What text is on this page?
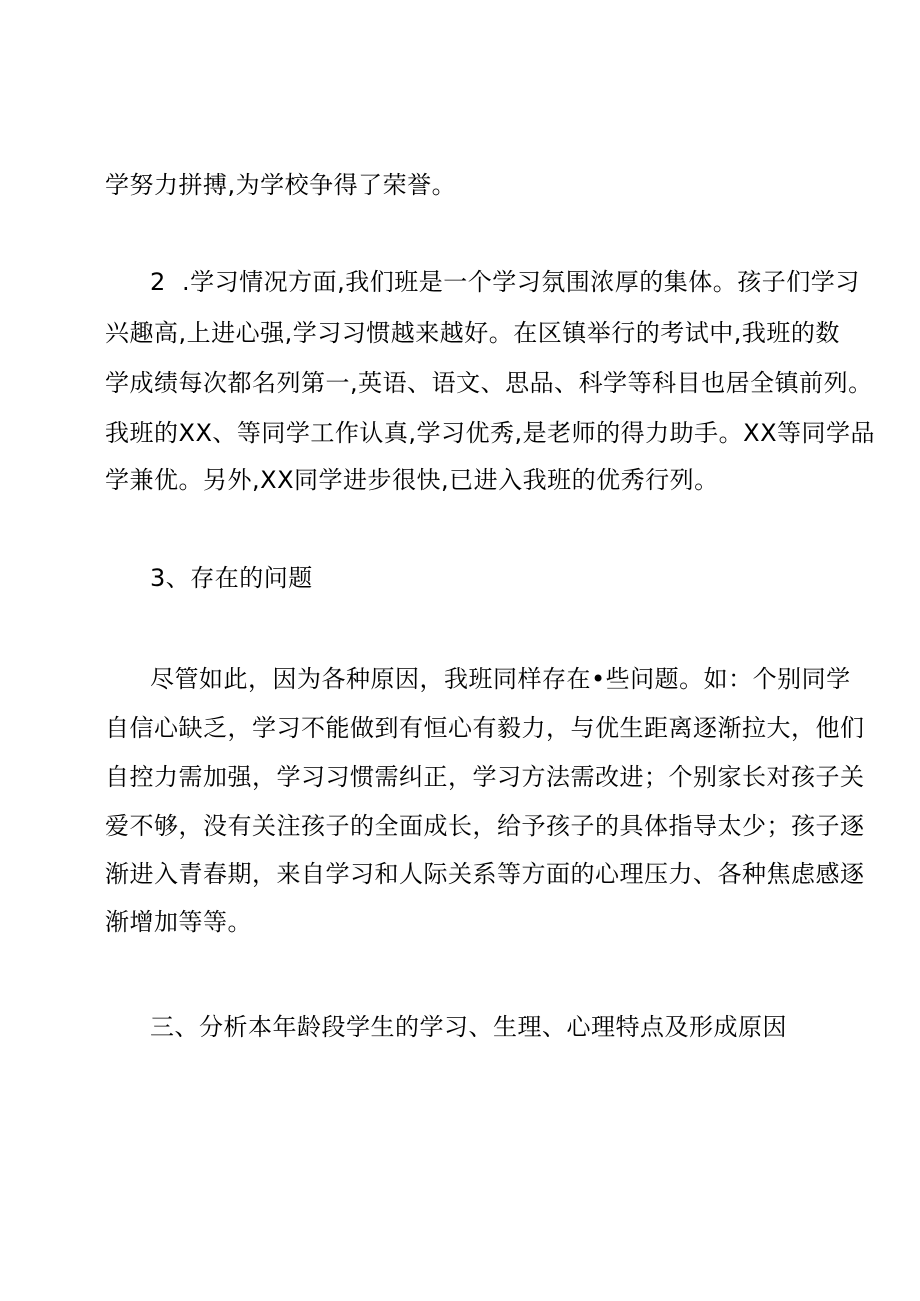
学努力拼搏,为学校争得了荣誉。

2  .学习情况方面,我们班是一个学习氛围浓厚的集体。孩子们学习

兴趣高,上进心强,学习习惯越来越好。在区镇举行的考试中,我班的数

学成绩每次都名列第一,英语、语文、思品、科学等科目也居全镇前列。

我班的XX、等同学工作认真,学习优秀,是老师的得力助手。XX等同学品

学兼优。另外,XX同学进步很快,已进入我班的优秀行列。

3、存在的问题

尽管如此，因为各种原因，我班同样存在•些问题。如：个别同学

自信心缺乏，学习不能做到有恒心有毅力，与优生距离逐渐拉大，他们

自控力需加强，学习习惯需纠正，学习方法需改进；个别家长对孩子关

爱不够，没有关注孩子的全面成长，给予孩子的具体指导太少；孩子逐

渐进入青春期，来自学习和人际关系等方面的心理压力、各种焦虑感逐

渐增加等等。

三、分析本年龄段学生的学习、生理、心理特点及形成原因
